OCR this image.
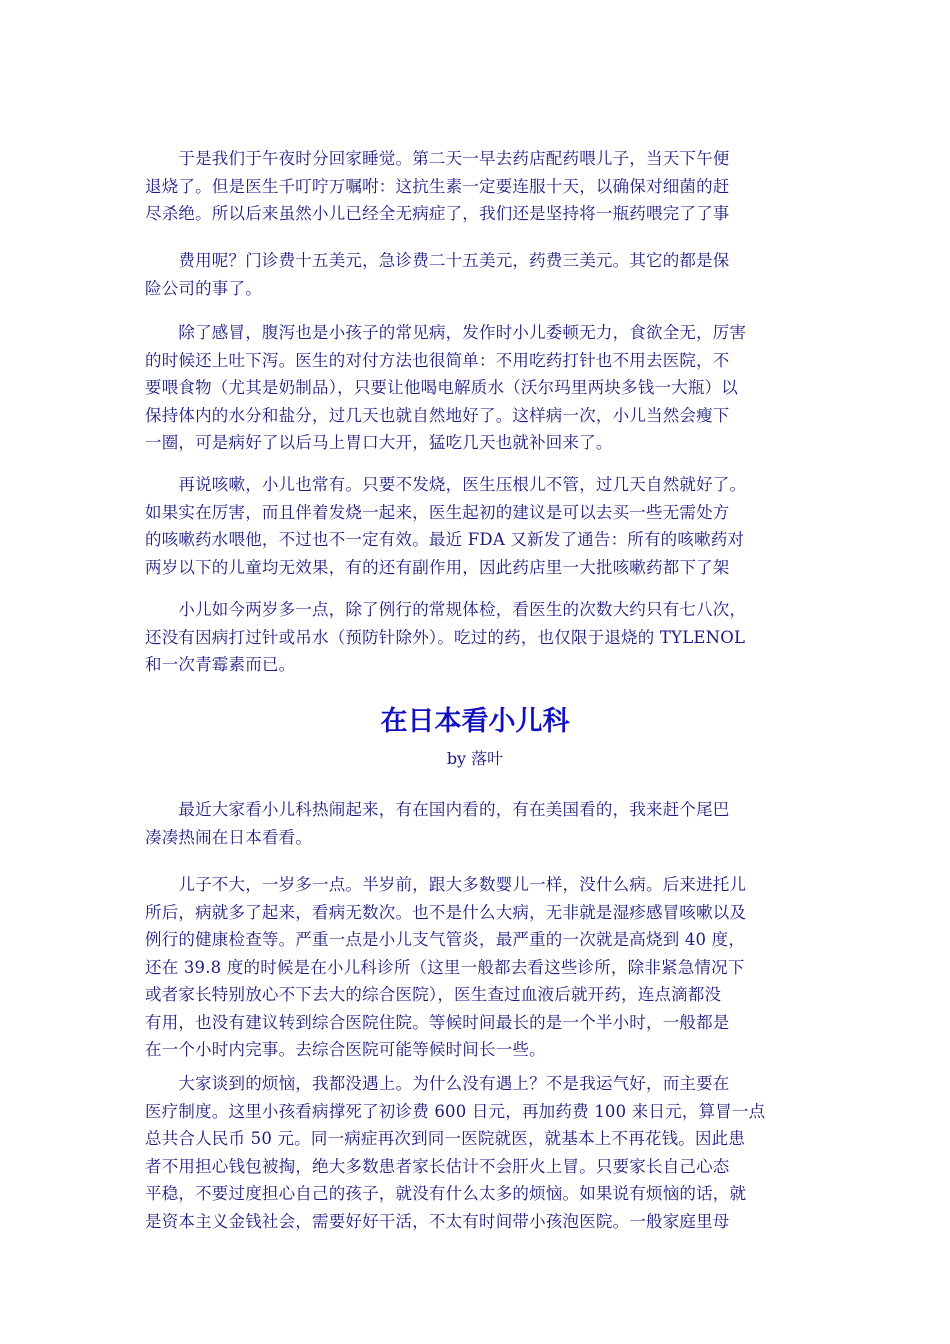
　　于是我们于午夜时分回家睡觉。第二天一早去药店配药喂儿子，当天下午便
退烧了。但是医生千叮咛万嘱咐：这抗生素一定要连服十天，以确保对细菌的赶
尽杀绝。所以后来虽然小儿已经全无病症了，我们还是坚持将一瓶药喂完了了事
　　费用呢？门诊费十五美元，急诊费二十五美元，药费三美元。其它的都是保
险公司的事了。
　　除了感冒，腹泻也是小孩子的常见病，发作时小儿委顿无力，食欲全无，厉害
的时候还上吐下泻。医生的对付方法也很简单：不用吃药打针也不用去医院，不
要喂食物（尤其是奶制品），只要让他喝电解质水（沃尔玛里两块多钱一大瓶）以
保持体内的水分和盐分，过几天也就自然地好了。这样病一次，小儿当然会瘦下
一圈，可是病好了以后马上胃口大开，猛吃几天也就补回来了。
　　再说咳嗽，小儿也常有。只要不发烧，医生压根儿不管，过几天自然就好了。
如果实在厉害，而且伴着发烧一起来，医生起初的建议是可以去买一些无需处方
的咳嗽药水喂他，不过也不一定有效。最近 FDA 又新发了通告：所有的咳嗽药对
两岁以下的儿童均无效果，有的还有副作用，因此药店里一大批咳嗽药都下了架
　　小儿如今两岁多一点，除了例行的常规体检，看医生的次数大约只有七八次，
还没有因病打过针或吊水（预防针除外）。吃过的药，也仅限于退烧的 TYLENOL
和一次青霉素而已。
在日本看小儿科
by 落叶
　　最近大家看小儿科热闹起来，有在国内看的，有在美国看的，我来赶个尾巴
凑凑热闹在日本看看。
　　儿子不大，一岁多一点。半岁前，跟大多数婴儿一样，没什么病。后来进托儿
所后，病就多了起来，看病无数次。也不是什么大病，无非就是湿疹感冒咳嗽以及
例行的健康检查等。严重一点是小儿支气管炎，最严重的一次就是高烧到 40 度，
还在 39.8 度的时候是在小儿科诊所（这里一般都去看这些诊所，除非紧急情况下
或者家长特别放心不下去大的综合医院），医生查过血液后就开药，连点滴都没
有用，也没有建议转到综合医院住院。等候时间最长的是一个半小时，一般都是
在一个小时内完事。去综合医院可能等候时间长一些。
　　大家谈到的烦恼，我都没遇上。为什么没有遇上？不是我运气好，而主要在
医疗制度。这里小孩看病撑死了初诊费 600 日元，再加药费 100 来日元，算冒一点
总共合人民币 50 元。同一病症再次到同一医院就医，就基本上不再花钱。因此患
者不用担心钱包被掏，绝大多数患者家长估计不会肝火上冒。只要家长自己心态
平稳，不要过度担心自己的孩子，就没有什么太多的烦恼。如果说有烦恼的话，就
是资本主义金钱社会，需要好好干活，不太有时间带小孩泡医院。一般家庭里母
